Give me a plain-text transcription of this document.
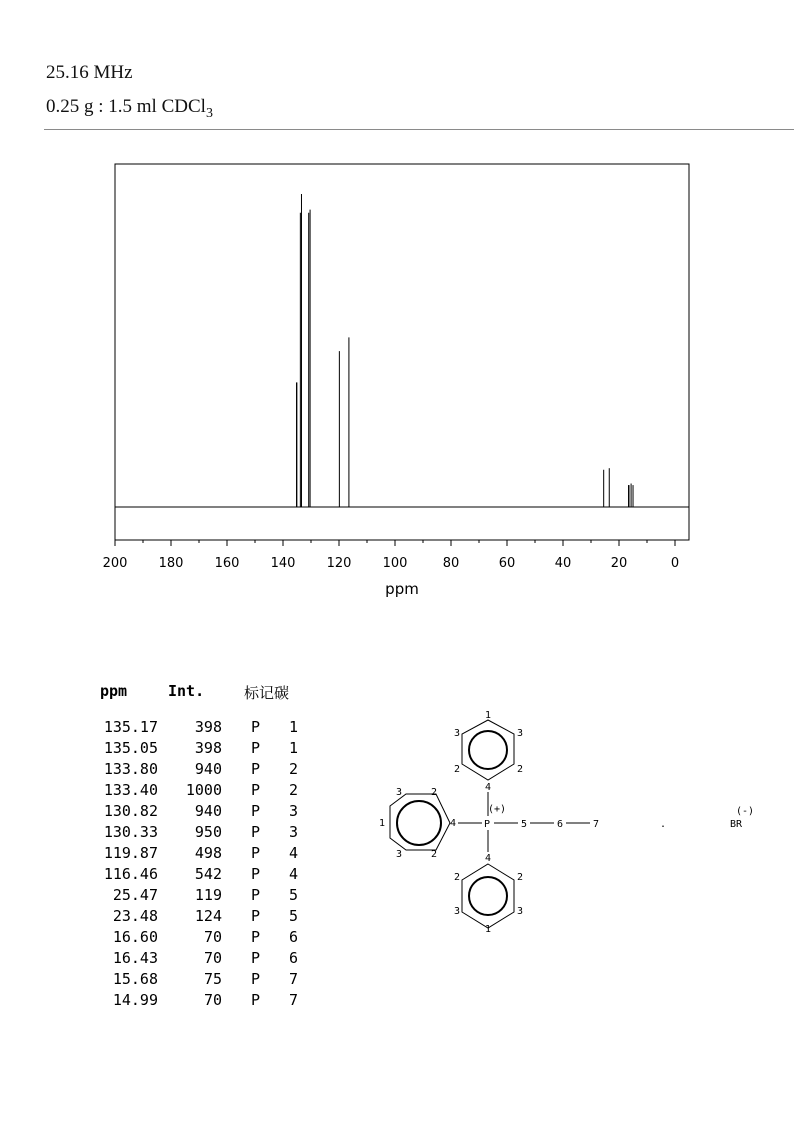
25.16 MHz
0.25 g : 1.5 ml CDCl$_3$
200 180 160 140 120 100	80	60	40	20	0
ppm
ppm	Int.	标记碳	

135.17	398	P	1
135.05	398	P	1
133.80	940	P	2
133.40	1000	P	2
130.82	940	P	3
130.33	950	P	3
119.87	498	P	4
116.46	542	P	4
25.47	119	P	5
23.48	124	P	5
16.60	70	P	6
16.43	70	P	6
15.68	75	P	7
14.99	70	P	7
P
(+)
5	6	7
1
3
2	2
3
4
1
3	2
3	2
4
4
2	2
3	3
1
.	BR
(-)
